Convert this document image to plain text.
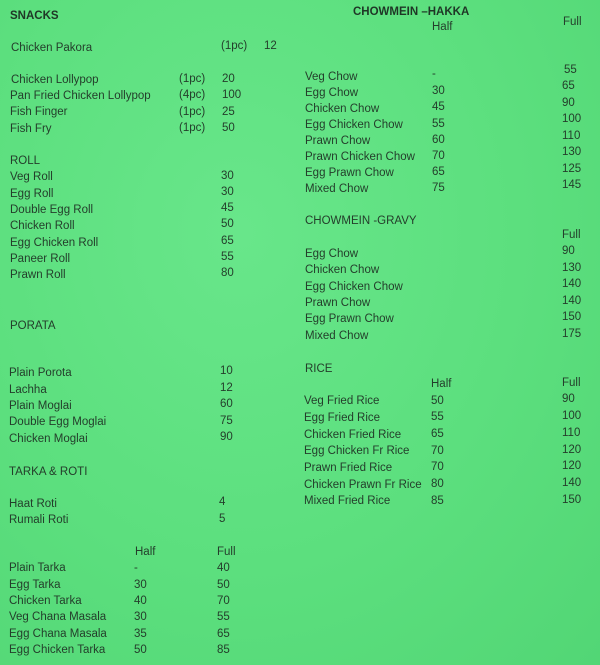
SNACKS
Chicken Pakora	(1pc) 12
Chicken Lollypop	(1pc) 20
Pan Fried Chicken Lollypop (4pc) 100
Fish Finger	(1pc) 25
Fish Fry	(1pc) 50
ROLL
Veg Roll	30
Egg Roll	30
Double Egg Roll	45
Chicken Roll	50
Egg Chicken Roll	65
Paneer Roll	55
Prawn Roll	80
PORATA
Plain Porota	10
Lachha	12
Plain Moglai	60
Double Egg Moglai	75
Chicken Moglai	90
TARKA & ROTI
Haat Roti	4
Rumali Roti	5
Half	Full
Plain Tarka	-	40
Egg Tarka	30	50
Chicken Tarka	40	70
Veg Chana Masala 30	55
Egg Chana Masala 35	65
Egg Chicken Tarka 50	85
CHOWMEIN –HAKKA
Half	Full
Veg Chow	-	55
Egg Chow	30	65
Chicken Chow	45	90
Egg Chicken Chow	55	100
Prawn Chow	60	110
Prawn Chicken Chow 70	130
Egg Prawn Chow	65	125
Mixed Chow	75	145
CHOWMEIN -GRAVY
Full
Egg Chow	90
Chicken Chow	130
Egg Chicken Chow	140
Prawn Chow	140
Egg Prawn Chow	150
Mixed Chow	175
RICE
Half	Full
Veg Fried Rice	50	90
Egg Fried Rice	55	100
Chicken Fried Rice	65	110
Egg Chicken Fr Rice 70	120
Prawn Fried Rice	70	120
Chicken Prawn Fr Rice 80	140
Mixed Fried Rice	85	150
